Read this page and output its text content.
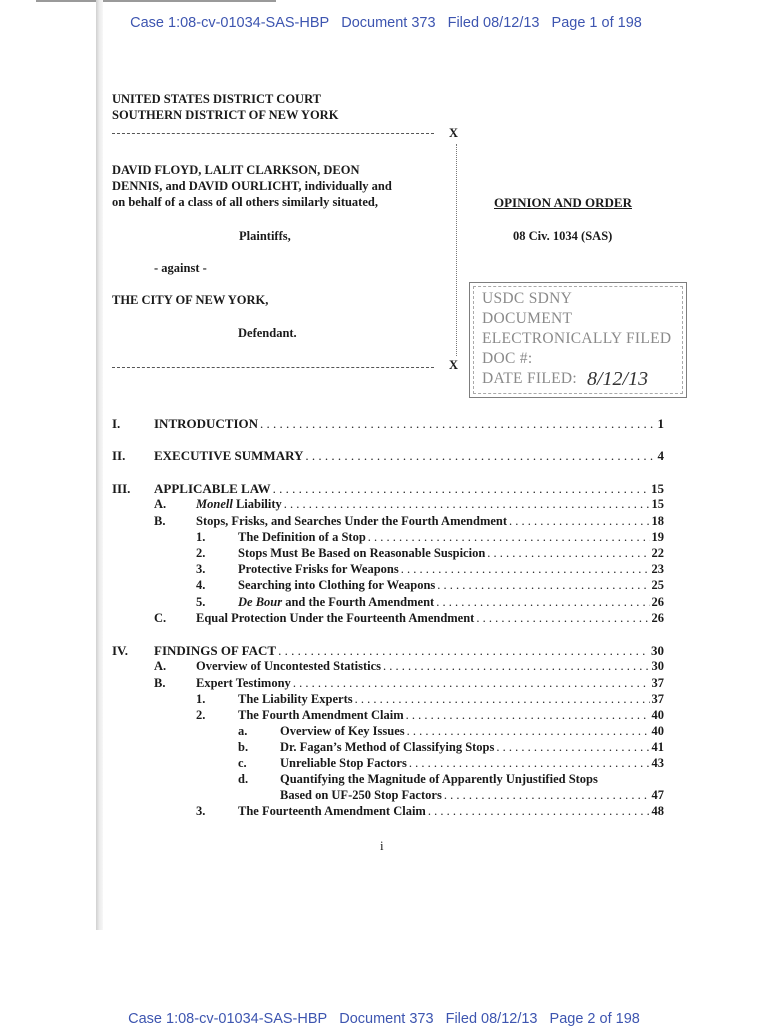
Case 1:08-cv-01034-SAS-HBP Document 373 Filed 08/12/13 Page 1 of 198
UNITED STATES DISTRICT COURT
SOUTHERN DISTRICT OF NEW YORK
X
DAVID FLOYD, LALIT CLARKSON, DEON
DENNIS, and DAVID OURLICHT, individually and
on behalf of a class of all others similarly situated,
Plaintiffs,
- against -
THE CITY OF NEW YORK,
Defendant.
X
OPINION AND ORDER
08 Civ. 1034 (SAS)
USDC SDNY
DOCUMENT
ELECTRONICALLY FILED
DOC #:
DATE FILED: 8/12/13
I.	INTRODUCTION . . .	1
II. EXECUTIVE SUMMARY . . .	4
III. APPLICABLE LAW . . .	15
A. Monell Liability . . .	15
B. Stops, Frisks, and Searches Under the Fourth Amendment . . .	18
1.	The Definition of a Stop . . .	19
2.	Stops Must Be Based on Reasonable Suspicion . . .	22
3.	Protective Frisks for Weapons . . .	23
4.	Searching into Clothing for Weapons . . .	25
5.	De Bour and the Fourth Amendment . . .	26
C. Equal Protection Under the Fourteenth Amendment . . .	26
IV. FINDINGS OF FACT . . .	30
A. Overview of Uncontested Statistics . . .	30
B. Expert Testimony . . .	37
1.	The Liability Experts . . .	37
2.	The Fourth Amendment Claim . . .	40
a.	Overview of Key Issues . . .	40
b.	Dr. Fagan’s Method of Classifying Stops . . .	41
c.	Unreliable Stop Factors . . .	43
d.	Quantifying the Magnitude of Apparently Unjustified Stops
Based on UF-250 Stop Factors . . .	47
3.	The Fourteenth Amendment Claim . . .	48
i
Case 1:08-cv-01034-SAS-HBP Document 373 Filed 08/12/13 Page 2 of 198
